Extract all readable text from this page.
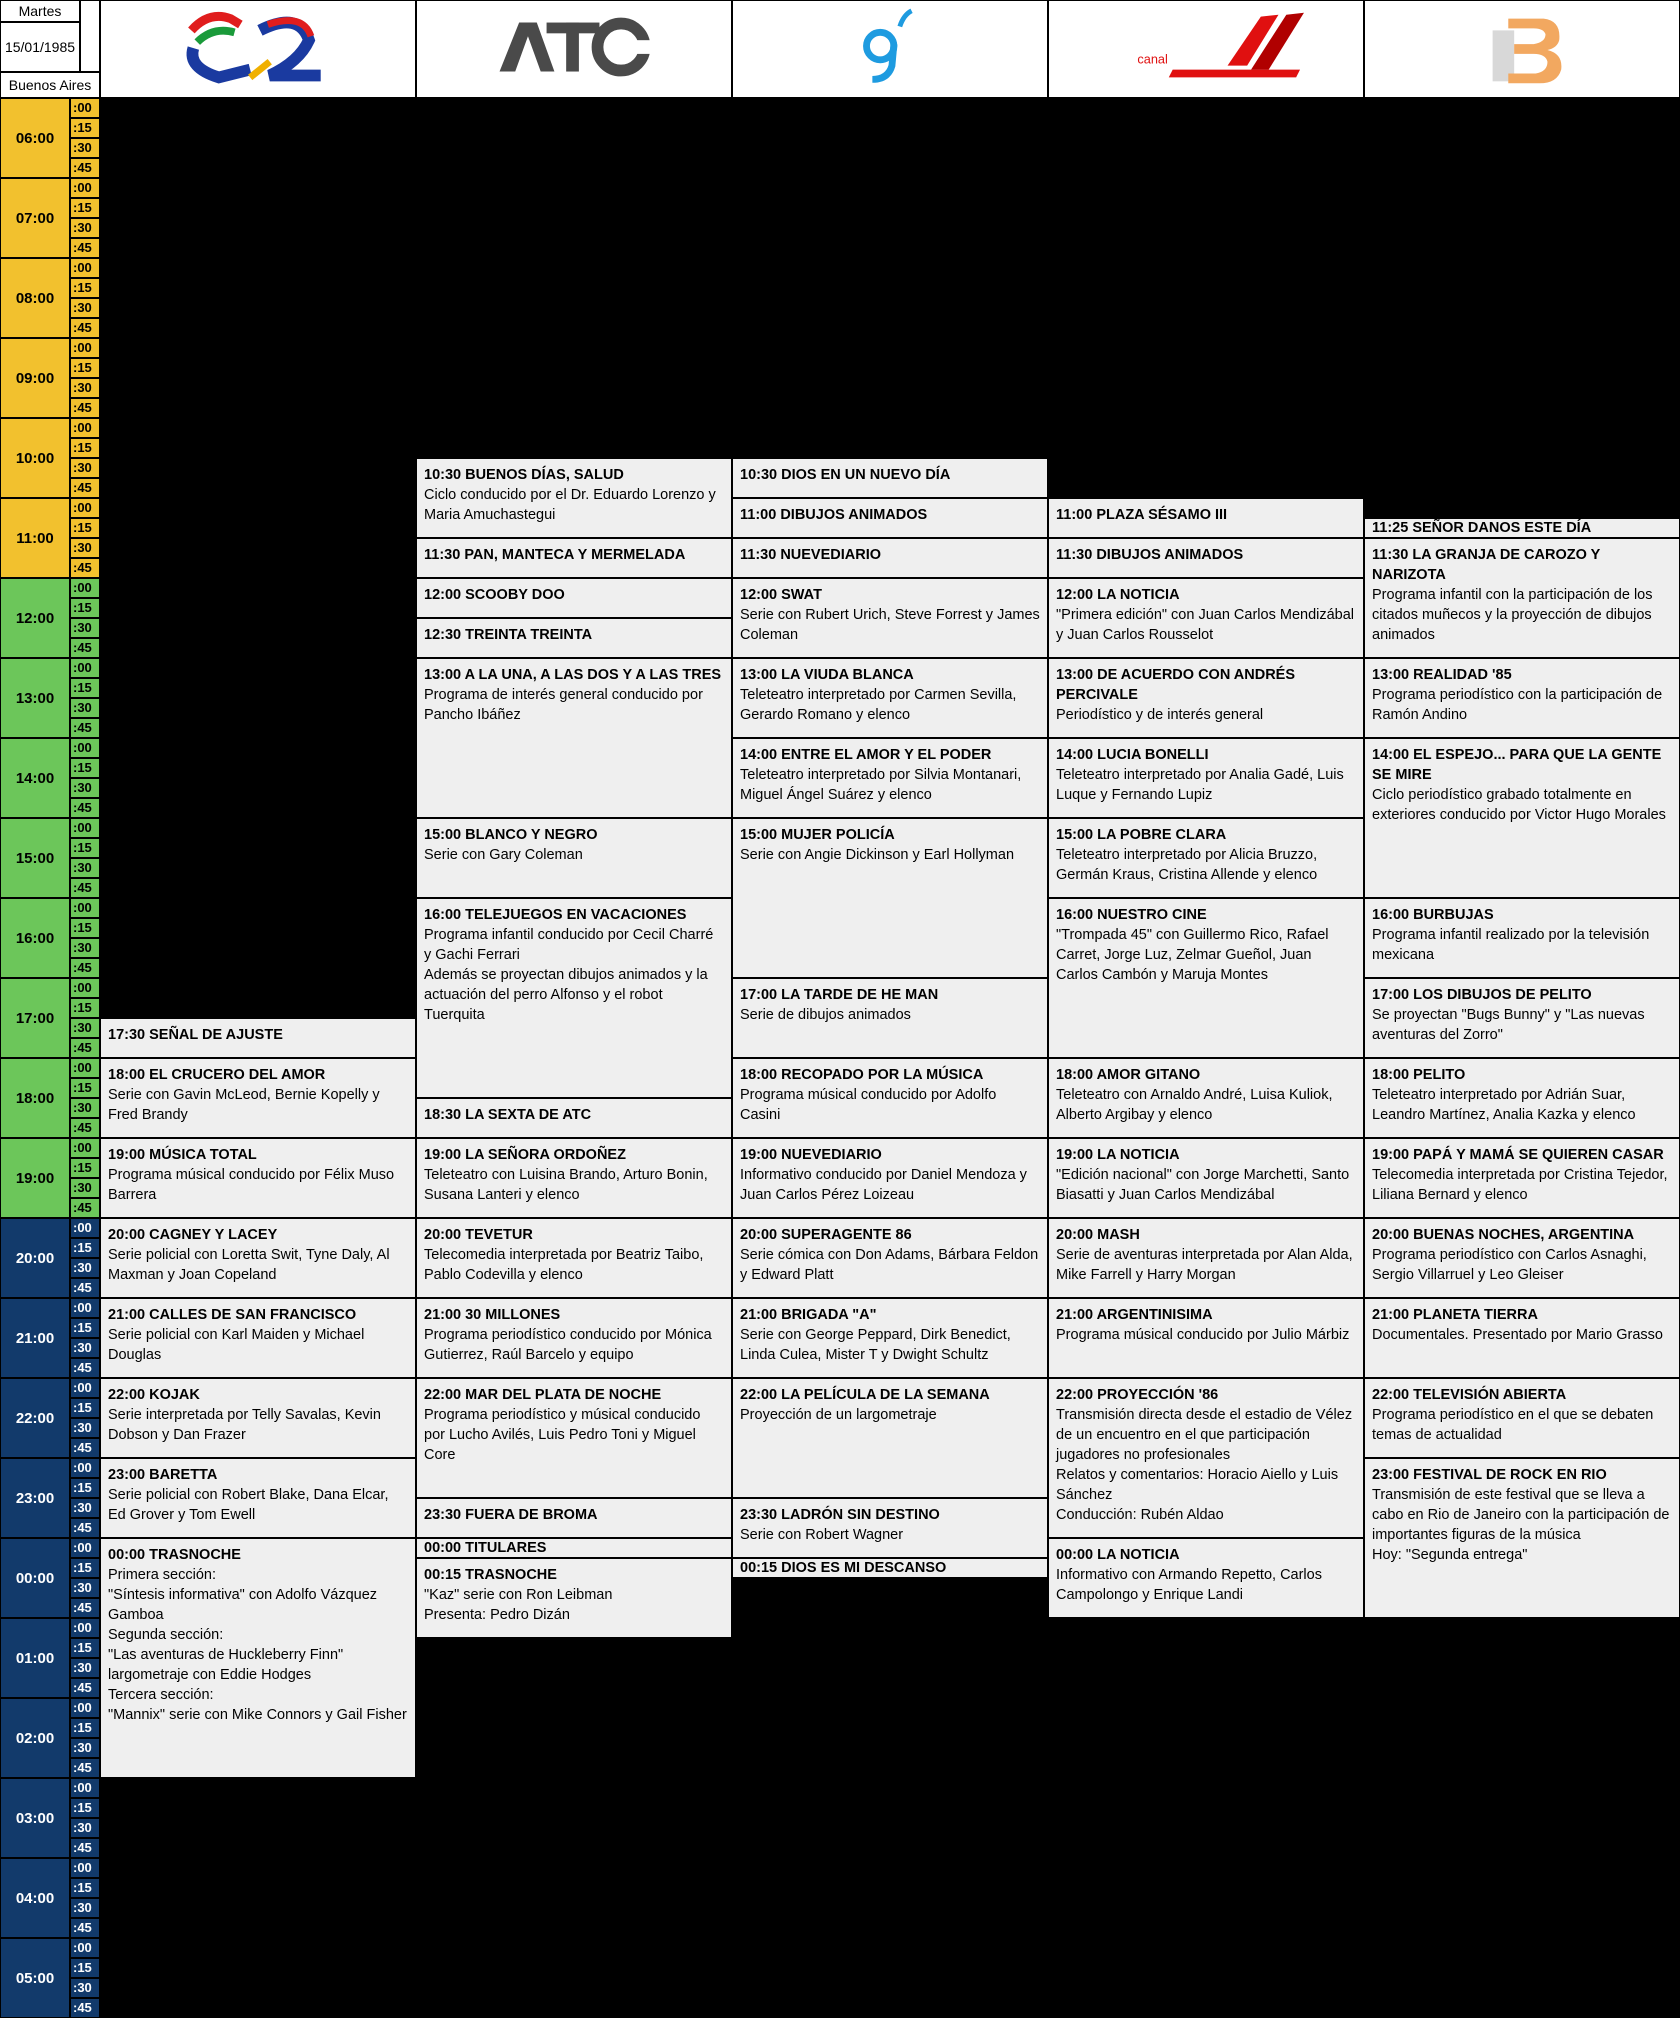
Martes
15/01/1985
Buenos Aires
canal
06:00
:00
:15
:30
:45
07:00
:00
:15
:30
:45
08:00
:00
:15
:30
:45
09:00
:00
:15
:30
:45
10:00
:00
:15
:30
:45
11:00
:00
:15
:30
:45
12:00
:00
:15
:30
:45
13:00
:00
:15
:30
:45
14:00
:00
:15
:30
:45
15:00
:00
:15
:30
:45
16:00
:00
:15
:30
:45
17:00
:00
:15
:30
:45
18:00
:00
:15
:30
:45
19:00
:00
:15
:30
:45
20:00
:00
:15
:30
:45
21:00
:00
:15
:30
:45
22:00
:00
:15
:30
:45
23:00
:00
:15
:30
:45
00:00
:00
:15
:30
:45
01:00
:00
:15
:30
:45
02:00
:00
:15
:30
:45
03:00
:00
:15
:30
:45
04:00
:00
:15
:30
:45
05:00
:00
:15
:30
:45
17:30 SEÑAL DE AJUSTE
18:00 EL CRUCERO DEL AMOR
Serie con Gavin McLeod, Bernie Kopelly y Fred Brandy
19:00 MÚSICA TOTAL
Programa músical conducido por Félix Muso Barrera
20:00 CAGNEY Y LACEY
Serie policial con Loretta Swit, Tyne Daly, Al Maxman y Joan Copeland
21:00 CALLES DE SAN FRANCISCO
Serie policial con Karl Maiden y Michael Douglas
22:00 KOJAK
Serie interpretada por Telly Savalas, Kevin Dobson y Dan Frazer
23:00 BARETTA
Serie policial con Robert Blake, Dana Elcar, Ed Grover y Tom Ewell
00:00 TRASNOCHE
Primera sección:
"Síntesis informativa" con Adolfo Vázquez Gamboa
Segunda sección:
"Las aventuras de Huckleberry Finn" largometraje con Eddie Hodges
Tercera sección:
"Mannix" serie con Mike Connors y Gail Fisher
10:30 BUENOS DÍAS, SALUD
Ciclo conducido por el Dr. Eduardo Lorenzo y Maria Amuchastegui
11:30 PAN, MANTECA Y MERMELADA
12:00 SCOOBY DOO
12:30 TREINTA TREINTA
13:00 A LA UNA, A LAS DOS Y A LAS TRES
Programa de interés general conducido por Pancho Ibáñez
15:00 BLANCO Y NEGRO
Serie con Gary Coleman
16:00 TELEJUEGOS EN VACACIONES
Programa infantil conducido por Cecil Charré y Gachi Ferrari
Además se proyectan dibujos animados y la actuación del perro Alfonso y el robot Tuerquita
18:30 LA SEXTA DE ATC
19:00 LA SEÑORA ORDOÑEZ
Teleteatro con Luisina Brando, Arturo Bonin, Susana Lanteri y elenco
20:00 TEVETUR
Telecomedia interpretada por Beatriz Taibo, Pablo Codevilla y elenco
21:00 30 MILLONES
Programa periodístico conducido por Mónica Gutierrez, Raúl Barcelo y equipo
22:00 MAR DEL PLATA DE NOCHE
Programa periodístico y músical conducido por Lucho Avilés, Luis Pedro Toni y Miguel Core
23:30 FUERA DE BROMA
00:00 TITULARES
00:15 TRASNOCHE
"Kaz" serie con Ron Leibman
Presenta: Pedro Dizán
10:30 DIOS EN UN NUEVO DÍA
11:00 DIBUJOS ANIMADOS
11:30 NUEVEDIARIO
12:00 SWAT
Serie con Rubert Urich, Steve Forrest y James Coleman
13:00 LA VIUDA BLANCA
Teleteatro interpretado por Carmen Sevilla, Gerardo Romano y elenco
14:00 ENTRE EL AMOR Y EL PODER
Teleteatro interpretado por Silvia Montanari, Miguel Ángel Suárez y elenco
15:00 MUJER POLICÍA
Serie con Angie Dickinson y Earl Hollyman
17:00 LA TARDE DE HE MAN
Serie de dibujos animados
18:00 RECOPADO POR LA MÚSICA
Programa músical conducido por Adolfo Casini
19:00 NUEVEDIARIO
Informativo conducido por Daniel Mendoza y Juan Carlos Pérez Loizeau
20:00 SUPERAGENTE 86
Serie cómica con Don Adams, Bárbara Feldon y Edward Platt
21:00 BRIGADA "A"
Serie con George Peppard, Dirk Benedict, Linda Culea, Mister T y Dwight Schultz
22:00 LA PELÍCULA DE LA SEMANA
Proyección de un largometraje
23:30 LADRÓN SIN DESTINO
Serie con Robert Wagner
00:15 DIOS ES MI DESCANSO
11:00 PLAZA SÉSAMO III
11:30 DIBUJOS ANIMADOS
12:00 LA NOTICIA
"Primera edición" con Juan Carlos Mendizábal y Juan Carlos Rousselot
13:00 DE ACUERDO CON ANDRÉS PERCIVALE
Periodístico y de interés general
14:00 LUCIA BONELLI
Teleteatro interpretado por Analia Gadé, Luis Luque y Fernando Lupiz
15:00 LA POBRE CLARA
Teleteatro interpretado por Alicia Bruzzo, Germán Kraus, Cristina Allende y elenco
16:00 NUESTRO CINE
"Trompada 45" con Guillermo Rico, Rafael Carret, Jorge Luz, Zelmar Gueñol, Juan Carlos Cambón y Maruja Montes
18:00 AMOR GITANO
Teleteatro con Arnaldo André, Luisa Kuliok, Alberto Argibay y elenco
19:00 LA NOTICIA
"Edición nacional" con Jorge Marchetti, Santo Biasatti y Juan Carlos Mendizábal
20:00 MASH
Serie de aventuras interpretada por Alan Alda, Mike Farrell y Harry Morgan
21:00 ARGENTINISIMA
Programa músical conducido por Julio Márbiz
22:00 PROYECCIÓN '86
Transmisión directa desde el estadio de Vélez de un encuentro en el que participación jugadores no profesionales
Relatos y comentarios: Horacio Aiello y Luis Sánchez
Conducción: Rubén Aldao
00:00 LA NOTICIA
Informativo con Armando Repetto, Carlos Campolongo y Enrique Landi
11:25 SEÑOR DANOS ESTE DÍA
11:30 LA GRANJA DE CAROZO Y NARIZOTA
Programa infantil con la participación de los citados muñecos y la proyección de dibujos animados
13:00 REALIDAD '85
Programa periodístico con la participación de Ramón Andino
14:00 EL ESPEJO... PARA QUE LA GENTE SE MIRE
Ciclo periodístico grabado totalmente en exteriores conducido por Victor Hugo Morales
16:00 BURBUJAS
Programa infantil realizado por la televisión mexicana
17:00 LOS DIBUJOS DE PELITO
Se proyectan "Bugs Bunny" y "Las nuevas aventuras del Zorro"
18:00 PELITO
Teleteatro interpretado por Adrián Suar, Leandro Martínez, Analia Kazka y elenco
19:00 PAPÁ Y MAMÁ SE QUIEREN CASAR
Telecomedia interpretada por Cristina Tejedor, Liliana Bernard y elenco
20:00 BUENAS NOCHES, ARGENTINA
Programa periodístico con Carlos Asnaghi, Sergio Villarruel y Leo Gleiser
21:00 PLANETA TIERRA
Documentales. Presentado por Mario Grasso
22:00 TELEVISIÓN ABIERTA
Programa periodístico en el que se debaten temas de actualidad
23:00 FESTIVAL DE ROCK EN RIO
Transmisión de este festival que se lleva a cabo en Rio de Janeiro con la participación de importantes figuras de la música
Hoy: "Segunda entrega"
